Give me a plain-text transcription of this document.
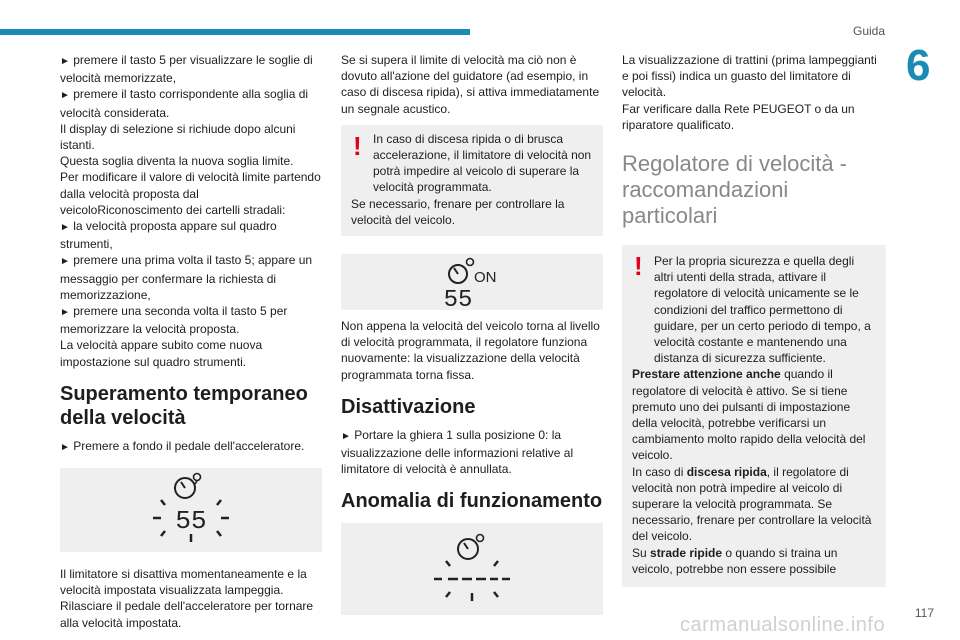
Guida
6

► premere il tasto 5 per visualizzare le soglie di velocità memorizzate,

► premere il tasto corrispondente alla soglia di velocità considerata.

Il display di selezione si richiude dopo alcuni istanti.

Questa soglia diventa la nuova soglia limite.

Per modificare il valore di velocità limite partendo dalla velocità proposta dal veicoloRiconoscimento dei cartelli stradali:

► la velocità proposta appare sul quadro strumenti,

► premere una prima volta il tasto 5; appare un messaggio per confermare la richiesta di memorizzazione,

► premere una seconda volta il tasto 5 per memorizzare la velocità proposta.

La velocità appare subito come nuova impostazione sul quadro strumenti.

Superamento temporaneo della velocità

► Premere a fondo il pedale dell'acceleratore.

55

Il limitatore si disattiva momentaneamente e la velocità impostata visualizzata lampeggia.

Rilasciare il pedale dell'acceleratore per tornare alla velocità impostata.

Se si supera il limite di velocità ma ciò non è dovuto all'azione del guidatore (ad esempio, in caso di discesa ripida), si attiva immediatamente un segnale acustico.

! In caso di discesa ripida o di brusca accelerazione, il limitatore di velocità non potrà impedire al veicolo di superare la velocità programmata.

Se necessario, frenare per controllare la velocità del veicolo.

ON
55

Non appena la velocità del veicolo torna al livello di velocità programmata, il regolatore funziona nuovamente: la visualizzazione della velocità programmata torna fissa.

Disattivazione

► Portare la ghiera 1 sulla posizione 0: la visualizzazione delle informazioni relative al limitatore di velocità è annullata.

Anomalia di funzionamento

La visualizzazione di trattini (prima lampeggianti e poi fissi) indica un guasto del limitatore di velocità.

Far verificare dalla Rete PEUGEOT o da un riparatore qualificato.

Regolatore di velocità - raccomandazioni particolari
! Per la propria sicurezza e quella degli altri utenti della strada, attivare il regolatore di velocità unicamente se le condizioni del traffico permettono di guidare, per un certo periodo di tempo, a velocità costante e mantenendo una distanza di sicurezza sufficiente.

Prestare attenzione anche quando il regolatore di velocità è attivo. Se si tiene premuto uno dei pulsanti di impostazione della velocità, potrebbe verificarsi un cambiamento molto rapido della velocità del veicolo.

In caso di discesa ripida, il regolatore di velocità non potrà impedire al veicolo di superare la velocità programmata. Se necessario, frenare per controllare la velocità del veicolo.

Su strade ripide o quando si traina un veicolo, potrebbe non essere possibile

117
carmanualsonline.info
